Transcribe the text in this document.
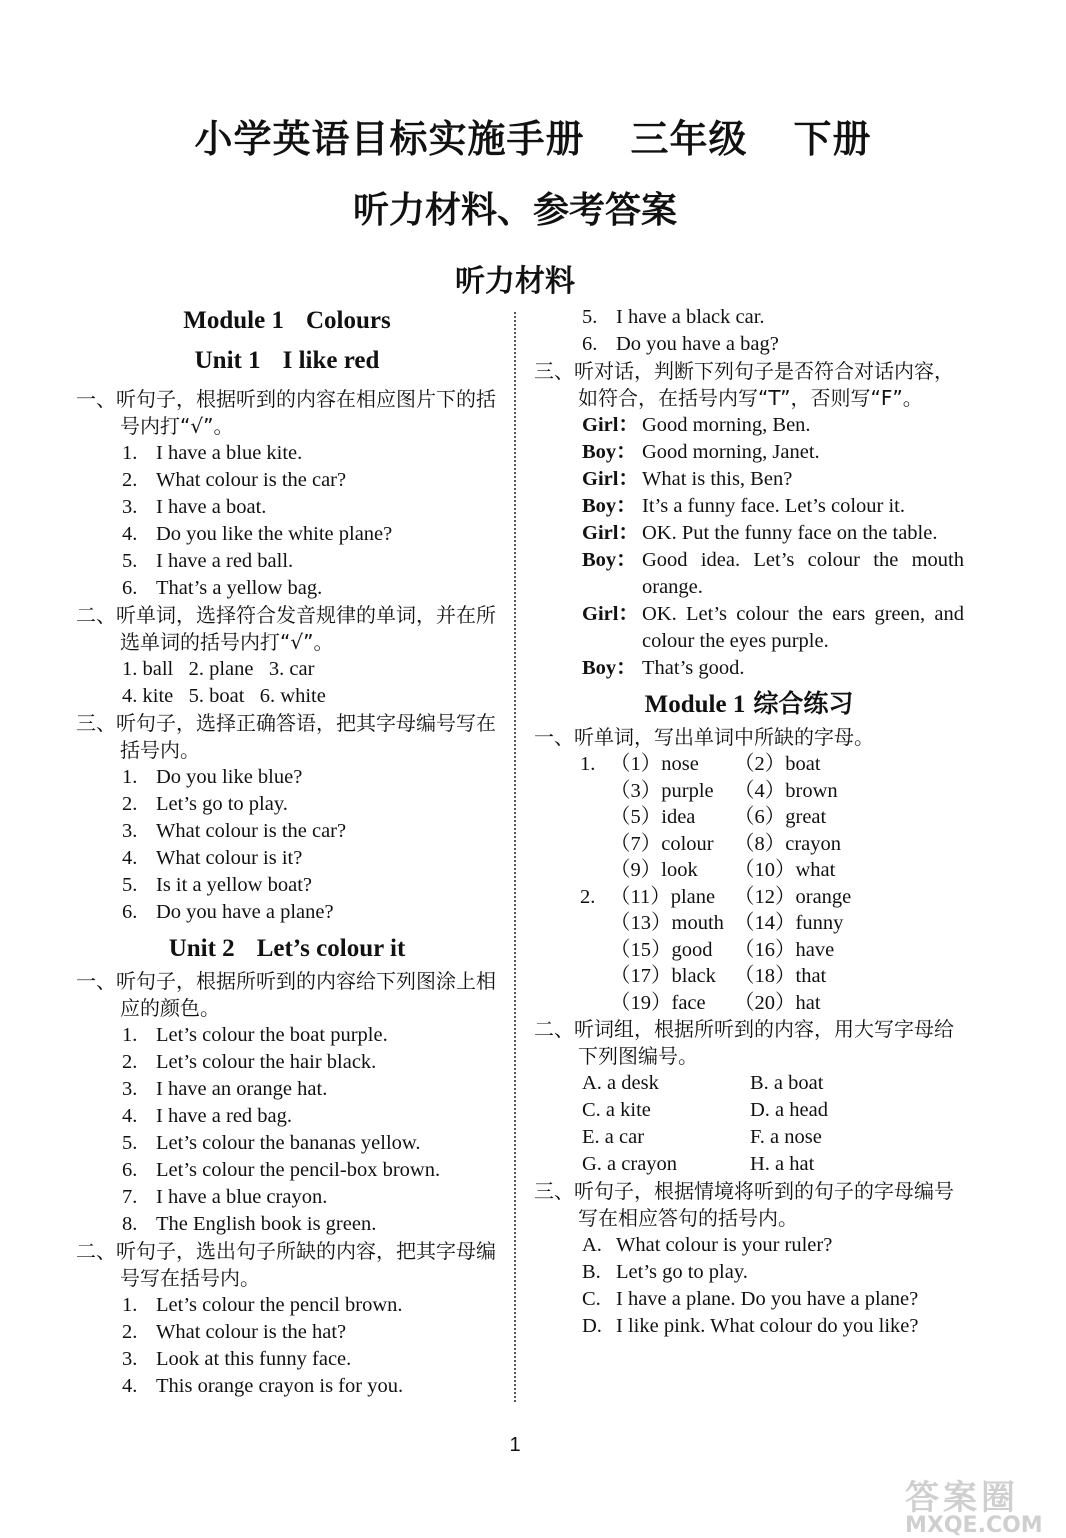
小学英语目标实施手册 三年级 下册
听力材料、参考答案
听力材料
Module 1 Colours
Unit 1 I like red
一、听句子，根据听到的内容在相应图片下的括号内打“√”。
1. I have a blue kite.
2. What colour is the car?
3. I have a boat.
4. Do you like the white plane?
5. I have a red ball.
6. That’s a yellow bag.
二、听单词，选择符合发音规律的单词，并在所选单词的括号内打“√”。
1. ball   2. plane   3. car
4. kite   5. boat   6. white
三、听句子，选择正确答语，把其字母编号写在括号内。
1. Do you like blue?
2. Let’s go to play.
3. What colour is the car?
4. What colour is it?
5. Is it a yellow boat?
6. Do you have a plane?
Unit 2 Let’s colour it
一、听句子，根据所听到的内容给下列图涂上相应的颜色。
1. Let’s colour the boat purple.
2. Let’s colour the hair black.
3. I have an orange hat.
4. I have a red bag.
5. Let’s colour the bananas yellow.
6. Let’s colour the pencil-box brown.
7. I have a blue crayon.
8. The English book is green.
二、听句子，选出句子所缺的内容，把其字母编号写在括号内。
1. Let’s colour the pencil brown.
2. What colour is the hat?
3. Look at this funny face.
4. This orange crayon is for you.
5. I have a black car.
6. Do you have a bag?
三、听对话，判断下列句子是否符合对话内容，如符合，在括号内写“T”，否则写“F”。
Girl： Good morning, Ben.
Boy： Good morning, Janet.
Girl： What is this, Ben?
Boy： It’s a funny face. Let’s colour it.
Girl： OK. Put the funny face on the table.
Boy： Good idea. Let’s colour the mouth orange.
Girl： OK. Let’s colour the ears green, and colour the eyes purple.
Boy： That’s good.
Module 1 综合练习
一、听单词，写出单词中所缺的字母。
1. （1）nose （2）boat
（3）purple （4）brown
（5）idea （6）great
（7）colour （8）crayon
（9）look （10）what
2. （11）plane （12）orange
（13）mouth （14）funny
（15）good （16）have
（17）black （18）that
（19）face （20）hat
二、听词组，根据所听到的内容，用大写字母给下列图编号。
A. a desk	B. a boat
C. a kite	D. a head
E. a car	F. a nose
G. a crayon	H. a hat
三、听句子，根据情境将听到的句子的字母编号写在相应答句的括号内。
A. What colour is your ruler?
B. Let’s go to play.
C. I have a plane. Do you have a plane?
D. I like pink. What colour do you like?
1
答案圈
MXQE.COM
